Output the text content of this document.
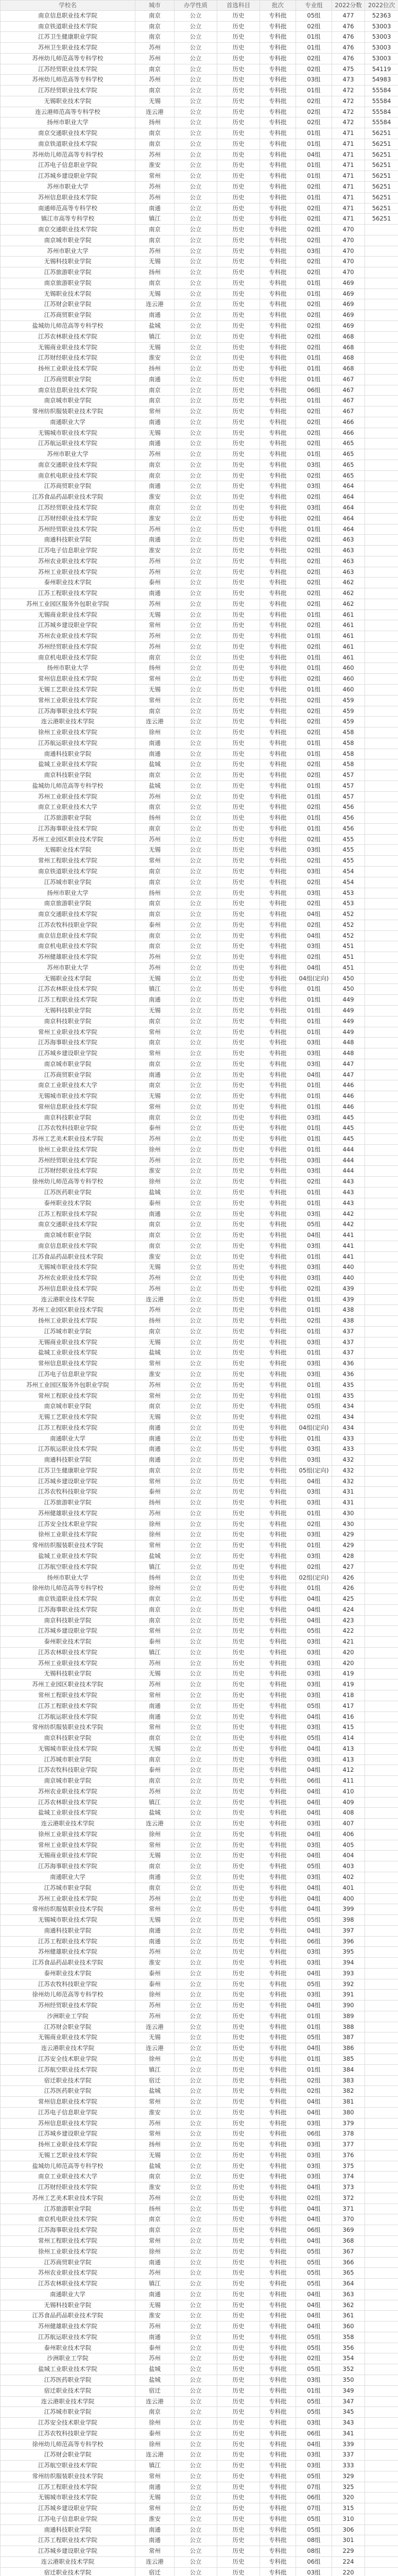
学校名	城市	办学性质	首选科目	批次	专业组	2022分数	2022位次
南京信息职业技术学院	南京	公立	历史	专科批	05组	477	52363
南京铁道职业技术学院	南京	公立	历史	专科批	02组	476	53003
江苏卫生健康职业学院	南京	公立	历史	专科批	01组	476	53003
苏州卫生职业技术学院	苏州	公立	历史	专科批	01组	476	53003
苏州幼儿师范高等专科学校	苏州	公立	历史	专科批	02组	476	53003
江苏经贸职业技术学院	南京	公立	历史	专科批	02组	475	54119
苏州幼儿师范高等专科学校	苏州	公立	历史	专科批	03组	473	54983
江苏经贸职业技术学院	南京	公立	历史	专科批	01组	472	55584
无锡职业技术学院	无锡	公立	历史	专科批	02组	472	55584
连云港师范高等专科学校	连云港	公立	历史	专科批	02组	472	55584
扬州市职业大学	扬州	公立	历史	专科批	02组	472	55584
南京交通职业技术学院	南京	公立	历史	专科批	01组	471	56251
南京铁道职业技术学院	南京	公立	历史	专科批	01组	471	56251
苏州幼儿师范高等专科学校	苏州	公立	历史	专科批	04组	471	56251
江苏电子信息职业学院	淮安	公立	历史	专科批	01组	471	56251
江苏城乡建设职业学院	常州	公立	历史	专科批	01组	471	56251
苏州市职业大学	苏州	公立	历史	专科批	02组	471	56251
苏州信息职业技术学院	苏州	公立	历史	专科批	01组	471	56251
南通师范高等专科学校	南通	公立	历史	专科批	02组	471	56251
镇江市高等专科学校	镇江	公立	历史	专科批	02组	471	56251
南京交通职业技术学院	南京	公立	历史	专科批	02组	470
南京城市职业学院	南京	公立	历史	专科批	02组	470
苏州市职业大学	苏州	公立	历史	专科批	03组	470
无锡科技职业学院	无锡	公立	历史	专科批	02组	470
江苏旅游职业学院	扬州	公立	历史	专科批	02组	470
南京旅游职业学院	南京	公立	历史	专科批	01组	469
无锡职业技术学院	无锡	公立	历史	专科批	01组	469
江苏财会职业学院	连云港	公立	历史	专科批	02组	469
江苏商贸职业学院	南通	公立	历史	专科批	02组	469
盐城幼儿师范高等专科学校	盐城	公立	历史	专科批	02组	469
江苏农林职业技术学院	镇江	公立	历史	专科批	02组	468
无锡商业职业技术学院	无锡	公立	历史	专科批	02组	468
江苏财经职业技术学院	淮安	公立	历史	专科批	01组	468
扬州工业职业技术学院	扬州	公立	历史	专科批	01组	468
江苏商贸职业学院	南通	公立	历史	专科批	01组	467
南京信息职业技术学院	南京	公立	历史	专科批	06组	467
南京城市职业学院	南京	公立	历史	专科批	01组	467
常州纺织服装职业技术学院	常州	公立	历史	专科批	02组	467
南通职业大学	南通	公立	历史	专科批	02组	466
无锡城市职业技术学院	无锡	公立	历史	专科批	02组	466
江苏航运职业技术学院	南通	公立	历史	专科批	02组	465
苏州市职业大学	苏州	公立	历史	专科批	01组	465
南京交通职业技术学院	南京	公立	历史	专科批	03组	465
南京机电职业技术学院	南京	公立	历史	专科批	02组	465
江苏商贸职业学院	南通	公立	历史	专科批	03组	464
江苏食品药品职业技术学院	淮安	公立	历史	专科批	02组	464
江苏经贸职业技术学院	南京	公立	历史	专科批	03组	464
江苏财经职业技术学院	淮安	公立	历史	专科批	02组	464
苏州经贸职业技术学院	苏州	公立	历史	专科批	01组	464
南通科技职业学院	南通	公立	历史	专科批	02组	463
江苏电子信息职业学院	淮安	公立	历史	专科批	02组	463
苏州农业职业技术学院	苏州	公立	历史	专科批	02组	463
苏州工业职业技术学院	苏州	公立	历史	专科批	02组	463
泰州职业技术学院	泰州	公立	历史	专科批	02组	462
江苏工程职业技术学院	南通	公立	历史	专科批	02组	462
苏州工业园区服务外包职业学院	苏州	公立	历史	专科批	02组	462
无锡商业职业技术学院	无锡	公立	历史	专科批	01组	461
江苏城乡建设职业学院	常州	公立	历史	专科批	02组	461
苏州农业职业技术学院	苏州	公立	历史	专科批	01组	461
苏州经贸职业技术学院	苏州	公立	历史	专科批	02组	461
南京机电职业技术学院	南京	公立	历史	专科批	01组	461
扬州市职业大学	扬州	公立	历史	专科批	01组	460
常州信息职业技术学院	常州	公立	历史	专科批	02组	460
无锡工艺职业技术学院	无锡	公立	历史	专科批	01组	460
常州工业职业技术学院	常州	公立	历史	专科批	02组	459
江苏海事职业技术学院	南京	公立	历史	专科批	02组	459
连云港职业技术学院	连云港	公立	历史	专科批	02组	459
徐州工业职业技术学院	徐州	公立	历史	专科批	02组	458
江苏航运职业技术学院	南通	公立	历史	专科批	01组	458
南通科技职业学院	南通	公立	历史	专科批	01组	458
盐城工业职业技术学院	盐城	公立	历史	专科批	02组	458
南京科技职业学院	南京	公立	历史	专科批	02组	457
盐城幼儿师范高等专科学校	盐城	公立	历史	专科批	01组	457
苏州工业职业技术学院	苏州	公立	历史	专科批	01组	457
南京工业职业技术大学	南京	公立	历史	专科批	02组	456
江苏旅游职业学院	扬州	公立	历史	专科批	01组	456
江苏海事职业技术学院	南京	公立	历史	专科批	01组	456
苏州工业园区职业技术学院	苏州	公立	历史	专科批	02组	455
无锡职业技术学院	无锡	公立	历史	专科批	03组	455
常州工程职业技术学院	常州	公立	历史	专科批	02组	455
南京铁道职业技术学院	南京	公立	历史	专科批	03组	454
江苏城市职业学院	南京	公立	历史	专科批	02组	454
扬州市职业大学	扬州	公立	历史	专科批	03组	453
南京旅游职业学院	南京	公立	历史	专科批	02组	453
南京交通职业技术学院	南京	公立	历史	专科批	04组	452
江苏农牧科技职业学院	泰州	公立	历史	专科批	02组	452
南京信息职业技术学院	南京	公立	历史	专科批	04组	452
南京机电职业技术学院	南京	公立	历史	专科批	03组	451
苏州健雄职业技术学院	苏州	公立	历史	专科批	02组	451
苏州市职业大学	苏州	公立	历史	专科批	04组	451
无锡职业技术学院	无锡	公立	历史	专科批	04组(定向)	450
江苏农林职业技术学院	镇江	公立	历史	专科批	01组	450
江苏工程职业技术学院	南通	公立	历史	专科批	01组	449
无锡科技职业学院	无锡	公立	历史	专科批	01组	449
南京科技职业学院	南京	公立	历史	专科批	01组	449
常州工业职业技术学院	常州	公立	历史	专科批	01组	449
江苏海事职业技术学院	南京	公立	历史	专科批	03组	448
江苏城乡建设职业学院	常州	公立	历史	专科批	03组	448
南京城市职业学院	南京	公立	历史	专科批	03组	447
江苏商贸职业学院	南通	公立	历史	专科批	04组	447
南京工业职业技术大学	南京	公立	历史	专科批	01组	446
无锡城市职业技术学院	无锡	公立	历史	专科批	01组	446
常州信息职业技术学院	常州	公立	历史	专科批	01组	446
南京科技职业学院	南京	公立	历史	专科批	03组	445
江苏农牧科技职业学院	泰州	公立	历史	专科批	01组	445
苏州工艺美术职业技术学院	苏州	公立	历史	专科批	01组	445
徐州工业职业技术学院	徐州	公立	历史	专科批	01组	444
苏州经贸职业技术学院	苏州	公立	历史	专科批	03组	444
江苏财经职业技术学院	淮安	公立	历史	专科批	03组	444
徐州幼儿师范高等专科学校	徐州	公立	历史	专科批	02组	443
江苏医药职业学院	盐城	公立	历史	专科批	01组	443
泰州职业技术学院	泰州	公立	历史	专科批	01组	443
江苏工程职业技术学院	南通	公立	历史	专科批	03组	442
南京交通职业技术学院	南京	公立	历史	专科批	05组	442
南京城市职业学院	南京	公立	历史	专科批	04组	441
南京信息职业技术学院	南京	公立	历史	专科批	03组	441
江苏食品药品职业技术学院	淮安	公立	历史	专科批	01组	441
无锡城市职业技术学院	无锡	公立	历史	专科批	03组	440
苏州农业职业技术学院	苏州	公立	历史	专科批	03组	440
苏州信息职业技术学院	苏州	公立	历史	专科批	02组	439
连云港职业技术学院	连云港	公立	历史	专科批	01组	439
苏州工业园区职业技术学院	苏州	公立	历史	专科批	01组	438
扬州工业职业技术学院	扬州	公立	历史	专科批	02组	438
江苏城市职业学院	南京	公立	历史	专科批	01组	437
无锡商业职业技术学院	无锡	公立	历史	专科批	03组	437
盐城工业职业技术学院	盐城	公立	历史	专科批	01组	437
常州信息职业技术学院	常州	公立	历史	专科批	03组	436
江苏电子信息职业学院	淮安	公立	历史	专科批	03组	436
苏州工业园区服务外包职业学院	苏州	公立	历史	专科批	01组	435
常州工程职业技术学院	常州	公立	历史	专科批	01组	435
南京城市职业学院	南京	公立	历史	专科批	05组	434
无锡工艺职业技术学院	无锡	公立	历史	专科批	02组	434
江苏工程职业技术学院	南通	公立	历史	专科批	04组(定向)	434
南通职业大学	南通	公立	历史	专科批	01组	433
江苏航运职业技术学院	南通	公立	历史	专科批	03组	433
南通科技职业学院	南通	公立	历史	专科批	03组	432
江苏卫生健康职业学院	南京	公立	历史	专科批	05组(定向)	432
江苏城乡建设职业学院	常州	公立	历史	专科批	04组	432
江苏农牧科技职业学院	泰州	公立	历史	专科批	03组	431
江苏旅游职业学院	扬州	公立	历史	专科批	03组	431
苏州健雄职业技术学院	苏州	公立	历史	专科批	01组	430
江苏安全技术职业学院	徐州	公立	历史	专科批	02组	430
徐州工业职业技术学院	徐州	公立	历史	专科批	03组	429
常州纺织服装职业技术学院	常州	公立	历史	专科批	01组	429
盐城工业职业技术学院	盐城	公立	历史	专科批	03组	428
江苏航空职业技术学院	镇江	公立	历史	专科批	02组	427
扬州市职业大学	扬州	公立	历史	专科批	02组(定向)	426
徐州幼儿师范高等专科学校	徐州	公立	历史	专科批	01组	426
南京铁道职业技术学院	南京	公立	历史	专科批	04组	425
江苏海事职业技术学院	南京	公立	历史	专科批	04组	424
南京科技职业学院	南京	公立	历史	专科批	04组	423
江苏城乡建设职业学院	常州	公立	历史	专科批	05组	422
泰州职业技术学院	泰州	公立	历史	专科批	03组	421
江苏农林职业技术学院	镇江	公立	历史	专科批	03组	420
苏州工业职业技术学院	苏州	公立	历史	专科批	03组	420
无锡科技职业学院	无锡	公立	历史	专科批	03组	419
苏州工业园区职业技术学院	苏州	公立	历史	专科批	03组	419
常州工程职业技术学院	常州	公立	历史	专科批	03组	418
江苏工程职业技术学院	南通	公立	历史	专科批	05组	417
江苏航运职业技术学院	南通	公立	历史	专科批	04组	416
常州纺织服装职业技术学院	常州	公立	历史	专科批	03组	415
南京科技职业学院	南京	公立	历史	专科批	05组	414
无锡城市职业技术学院	无锡	公立	历史	专科批	04组	413
江苏城市职业学院	南京	公立	历史	专科批	03组	413
江苏农牧科技职业学院	泰州	公立	历史	专科批	04组	412
南京城市职业学院	南京	公立	历史	专科批	06组	411
苏州农业职业技术学院	苏州	公立	历史	专科批	04组	410
江苏农林职业技术学院	镇江	公立	历史	专科批	04组	409
盐城工业职业技术学院	盐城	公立	历史	专科批	04组	408
连云港职业技术学院	连云港	公立	历史	专科批	03组	407
徐州工业职业技术学院	徐州	公立	历史	专科批	04组	406
常州工业职业技术学院	常州	公立	历史	专科批	03组	405
无锡商业职业技术学院	无锡	公立	历史	专科批	04组	404
江苏海事职业技术学院	南京	公立	历史	专科批	05组	403
南通职业大学	南通	公立	历史	专科批	03组	402
江苏城市职业学院	南京	公立	历史	专科批	04组	401
苏州工业职业技术学院	苏州	公立	历史	专科批	04组	400
常州纺织服装职业技术学院	常州	公立	历史	专科批	04组	399
无锡城市职业技术学院	无锡	公立	历史	专科批	05组	398
南通科技职业学院	南通	公立	历史	专科批	04组	397
江苏工程职业技术学院	南通	公立	历史	专科批	06组	396
苏州健雄职业技术学院	苏州	公立	历史	专科批	03组	395
江苏食品药品职业技术学院	淮安	公立	历史	专科批	03组	394
泰州职业技术学院	泰州	公立	历史	专科批	04组	393
江苏农牧科技职业学院	泰州	公立	历史	专科批	05组	392
徐州幼儿师范高等专科学校	徐州	公立	历史	专科批	03组	391
苏州经贸职业技术学院	苏州	公立	历史	专科批	04组	390
沙洲职业工学院	苏州	公立	历史	专科批	01组	389
江苏财会职业学院	连云港	公立	历史	专科批	01组	388
无锡商业职业技术学院	无锡	公立	历史	专科批	05组	387
连云港职业技术学院	连云港	公立	历史	专科批	04组	386
江苏安全技术职业学院	徐州	公立	历史	专科批	01组	385
江苏航空职业技术学院	镇江	公立	历史	专科批	01组	384
宿迁职业技术学院	宿迁	公立	历史	专科批	02组	383
江苏医药职业学院	盐城	公立	历史	专科批	02组	382
常州信息职业技术学院	常州	公立	历史	专科批	04组	381
江苏电子信息职业学院	淮安	公立	历史	专科批	04组	380
苏州信息职业技术学院	苏州	公立	历史	专科批	03组	379
江苏城乡建设职业学院	常州	公立	历史	专科批	06组	378
扬州工业职业技术学院	扬州	公立	历史	专科批	03组	377
无锡工艺职业技术学院	无锡	公立	历史	专科批	03组	376
盐城幼儿师范高等专科学校	盐城	公立	历史	专科批	03组	375
南京工业职业技术大学	南京	公立	历史	专科批	03组	374
江苏财经职业技术学院	淮安	公立	历史	专科批	04组	373
苏州工艺美术职业技术学院	苏州	公立	历史	专科批	02组	372
江苏旅游职业学院	扬州	公立	历史	专科批	04组	371
南京机电职业技术学院	南京	公立	历史	专科批	04组	370
江苏海事职业技术学院	南京	公立	历史	专科批	06组	369
常州工程职业技术学院	常州	公立	历史	专科批	04组	368
徐州工业职业技术学院	徐州	公立	历史	专科批	05组	367
江苏商贸职业学院	南通	公立	历史	专科批	05组	366
苏州农业职业技术学院	苏州	公立	历史	专科批	05组	365
江苏农林职业技术学院	镇江	公立	历史	专科批	05组	364
南通职业大学	南通	公立	历史	专科批	04组	363
无锡科技职业学院	无锡	公立	历史	专科批	04组	362
江苏食品药品职业技术学院	淮安	公立	历史	专科批	04组	361
苏州健雄职业技术学院	苏州	公立	历史	专科批	04组	360
江苏航运职业技术学院	南通	公立	历史	专科批	05组	358
泰州职业技术学院	泰州	公立	历史	专科批	05组	356
沙洲职业工学院	苏州	公立	历史	专科批	02组	354
盐城工业职业技术学院	盐城	公立	历史	专科批	05组	352
江苏医药职业学院	盐城	公立	历史	专科批	03组	350
宿迁职业技术学院	宿迁	公立	历史	专科批	01组	349
连云港职业技术学院	连云港	公立	历史	专科批	05组	347
江苏城市职业学院	南京	公立	历史	专科批	05组	345
江苏安全技术职业学院	徐州	公立	历史	专科批	03组	343
江苏农牧科技职业学院	泰州	公立	历史	专科批	06组	341
徐州幼儿师范高等专科学校	徐州	公立	历史	专科批	04组	339
江苏财会职业学院	连云港	公立	历史	专科批	03组	337
江苏航空职业技术学院	镇江	公立	历史	专科批	03组	333
常州纺织服装职业技术学院	常州	公立	历史	专科批	05组	329
江苏工程职业技术学院	南通	公立	历史	专科批	07组	325
无锡城市职业技术学院	无锡	公立	历史	专科批	06组	320
江苏城乡建设职业学院	常州	公立	历史	专科批	07组	315
江苏电子信息职业学院	淮安	公立	历史	专科批	05组	310
南通科技职业学院	南通	公立	历史	专科批	05组	306
江苏工程职业技术学院	南通	公立	历史	专科批	08组	301
江苏城乡建设职业学院	常州	公立	历史	专科批	08组	229
连云港职业技术学院	连云港	公立	历史	专科批	06组	224
宿迁职业技术学院	宿迁	公立	历史	专科批	03组	220
